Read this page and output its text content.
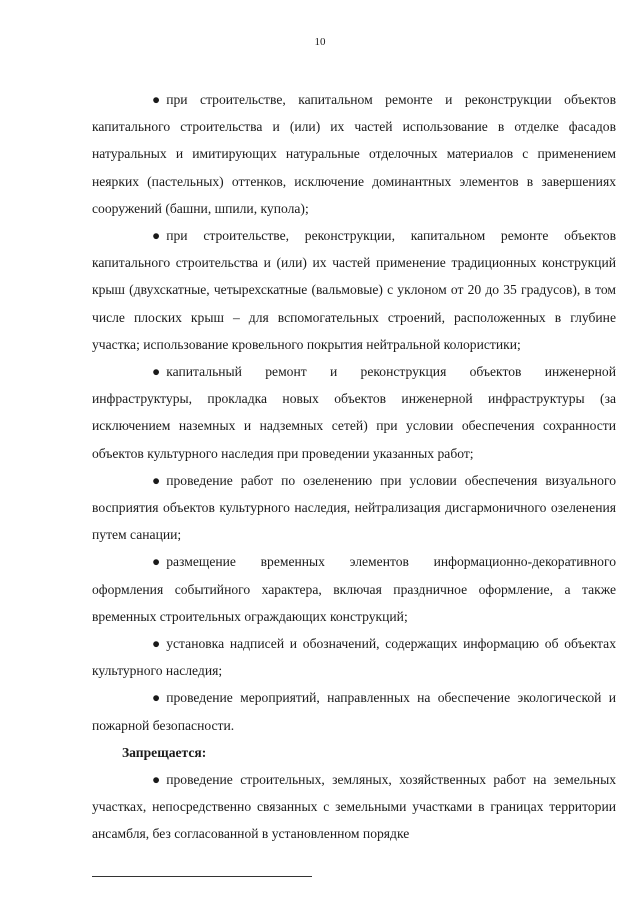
10

● при строительстве, капитальном ремонте и реконструкции объектов капитального строительства и (или) их частей использование в отделке фасадов натуральных и имитирующих натуральные отделочных материалов с применением неярких (пастельных) оттенков, исключение доминантных элементов в завершениях сооружений (башни, шпили, купола);

● при строительстве, реконструкции, капитальном ремонте объектов капитального строительства и (или) их частей применение традиционных конструкций крыш (двухскатные, четырехскатные (вальмовые) с уклоном от 20 до 35 градусов), в том числе плоских крыш – для вспомогательных строений, расположенных в глубине участка; использование кровельного покрытия нейтральной колористики;

● капитальный ремонт и реконструкция объектов инженерной инфраструктуры, прокладка новых объектов инженерной инфраструктуры (за исключением наземных и надземных сетей) при условии обеспечения сохранности объектов культурного наследия при проведении указанных работ;

● проведение работ по озеленению при условии обеспечения визуального восприятия объектов культурного наследия, нейтрализация дисгармоничного озеленения путем санации;

● размещение временных элементов информационно-декоративного оформления событийного характера, включая праздничное оформление, а также временных строительных ограждающих конструкций;

● установка надписей и обозначений, содержащих информацию об объектах культурного наследия;

● проведение мероприятий, направленных на обеспечение экологической и пожарной безопасности.

Запрещается:

● проведение строительных, земляных, хозяйственных работ на земельных участках, непосредственно связанных с земельными участками в границах территории ансамбля, без согласованной в установленном порядке
